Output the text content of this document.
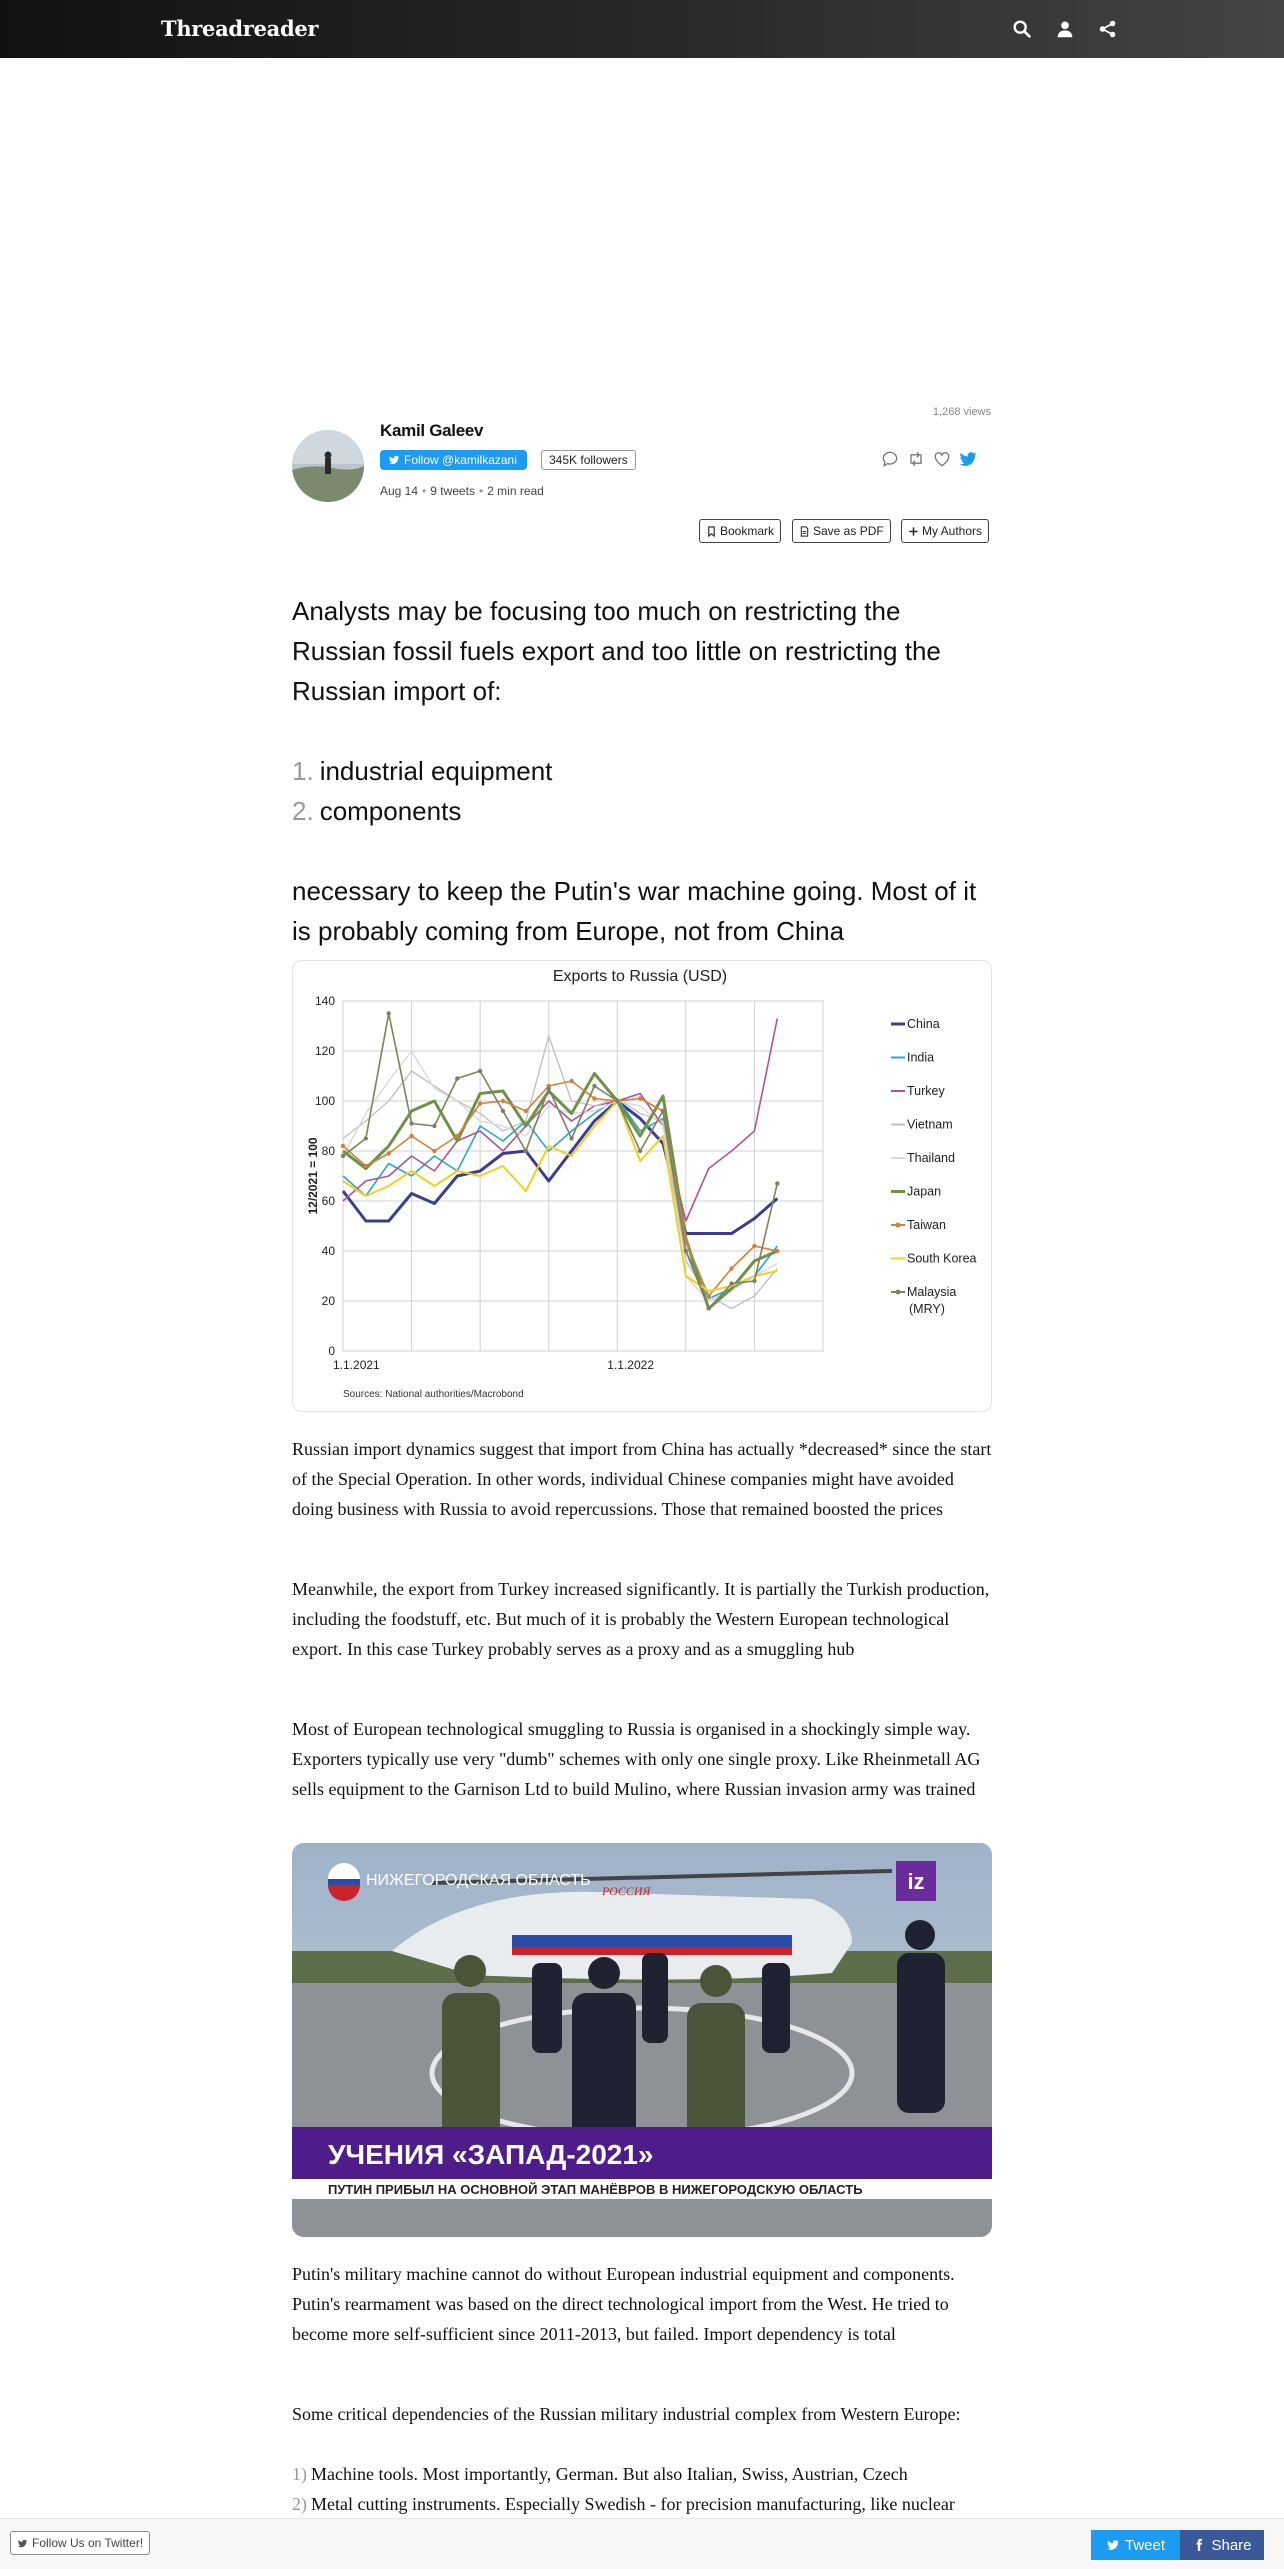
Threadreader
1,268 views
Kamil Galeev
Follow @kamilkazani	345K followers
Aug 14 • 9 tweets • 2 min read
Bookmark	Save as PDF	My Authors

Analysts may be focusing too much on restricting the Russian fossil fuels export and too little on restricting the Russian import of:

1. industrial equipment
2. components

necessary to keep the Putin's war machine going. Most of it is probably coming from Europe, not from China

Exports to Russia (USD)
12/2021 = 100
Sources: National authorities/Macrobond
0
20
40
60
80
100
120
140
1.1.2021	1.1.2022
China
India
Turkey
Vietnam
Thailand
Japan
Taiwan
South Korea
Malaysia
(MRY)

Russian import dynamics suggest that import from China has actually *decreased* since the start of the Special Operation. In other words, individual Chinese companies might have avoided doing business with Russia to avoid repercussions. Those that remained boosted the prices

Meanwhile, the export from Turkey increased significantly. It is partially the Turkish production, including the foodstuff, etc. But much of it is probably the Western European technological export. In this case Turkey probably serves as a proxy and as a smuggling hub

Most of European technological smuggling to Russia is organised in a shockingly simple way. Exporters typically use very "dumb" schemes with only one single proxy. Like Rheinmetall AG sells equipment to the Garnison Ltd to build Mulino, where Russian invasion army was trained

РОССИЯ
НИЖЕГОРОДСКАЯ ОБЛАСТЬ	iz
УЧЕНИЯ «ЗАПАД-2021»
ПУТИН ПРИБЫЛ НА ОСНОВНОЙ ЭТАП МАНЁВРОВ В НИЖЕГОРОДСКУЮ ОБЛАСТЬ

Putin's military machine cannot do without European industrial equipment and components. Putin's rearmament was based on the direct technological import from the West. He tried to become more self-sufficient since 2011-2013, but failed. Import dependency is total

Some critical dependencies of the Russian military industrial complex from Western Europe:

1) Machine tools. Most importantly, German. But also Italian, Swiss, Austrian, Czech
2) Metal cutting instruments. Especially Swedish - for precision manufacturing, like nuclear
Follow Us on Twitter!	Tweet	Share
